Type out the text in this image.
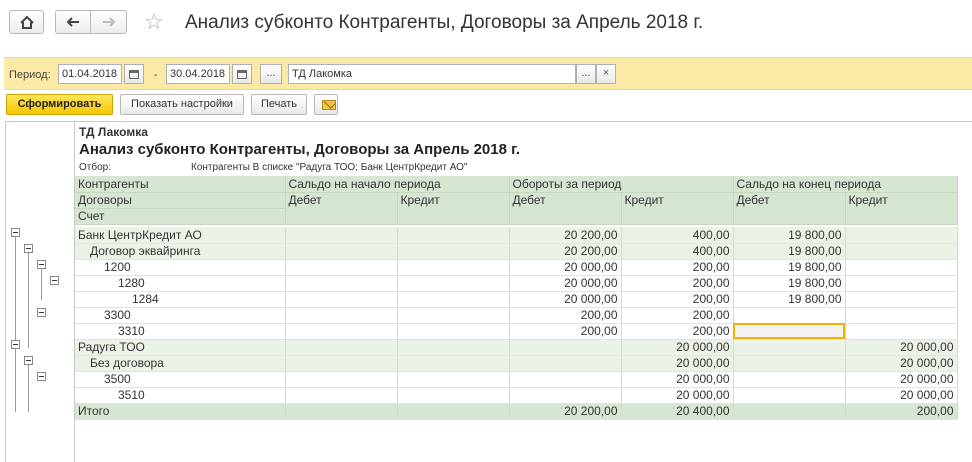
☆ Анализ субконто Контрагенты, Договоры за Апрель 2018 г.
Период:	01.04.2018	-	30.04.2018	...	ТД Лакомка	...	×
Сформировать	Показать настройки	Печать
ТД Лакомка
Анализ субконто Контрагенты, Договоры за Апрель 2018 г.
Отбор:	Контрагенты В списке "Радуга ТОО; Банк ЦентрКредит АО"
Контрагенты	Сальдо на начало периода		Обороты за период		Сальдо на конец периода	
Договоры	Дебет	Кредит	Дебет	Кредит	Дебет	Кредит
Счет						

Банк ЦентрКредит АО			20 200,00	400,00	19 800,00	
Договор эквайринга			20 200,00	400,00	19 800,00	
1200			20 000,00	200,00	19 800,00	
1280			20 000,00	200,00	19 800,00	
1284			20 000,00	200,00	19 800,00	
3300			200,00	200,00		
3310			200,00	200,00		
Радуга ТОО				20 000,00		20 000,00
Без договора				20 000,00		20 000,00
3500				20 000,00		20 000,00
3510				20 000,00		20 000,00
Итого			20 200,00	20 400,00		200,00
